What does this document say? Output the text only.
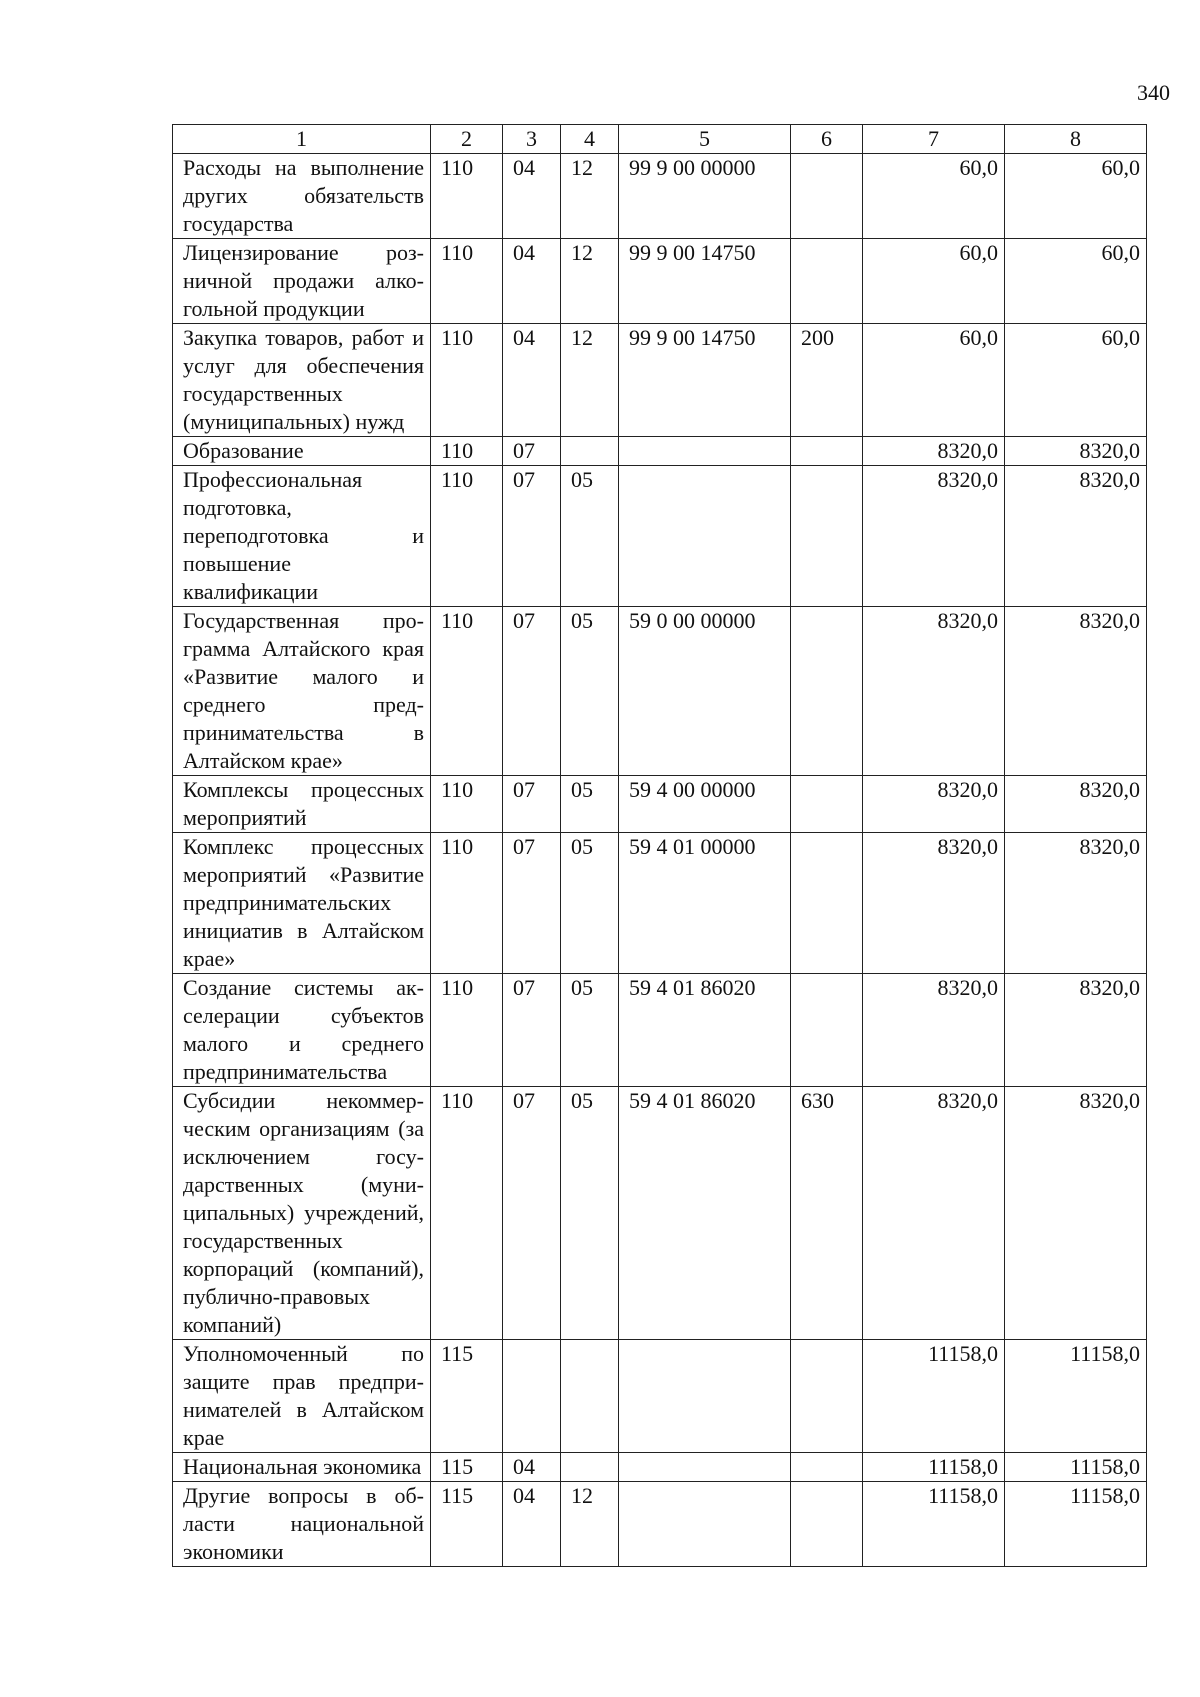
340
1	2	3	4	5	6	7	8
Расходы на выполнение других обязательств государства	110	04	12	99 9 00 00000		60,0	60,0
Лицензирование розничной продажи алкогольной продукции	110	04	12	99 9 00 14750		60,0	60,0
Закупка товаров, работ и услуг для обеспечения государственных (муниципальных) нужд	110	04	12	99 9 00 14750	200	60,0	60,0
Образование	110	07				8320,0	8320,0
Профессиональная подготовка, переподготовка и повышение квалификации	110	07	05			8320,0	8320,0
Государственная программа Алтайского края «Развитие малого и среднего предпринимательства в Алтайском крае»	110	07	05	59 0 00 00000		8320,0	8320,0
Комплексы процессных мероприятий	110	07	05	59 4 00 00000		8320,0	8320,0
Комплекс процессных мероприятий «Развитие предпринимательских инициатив в Алтайском крае»	110	07	05	59 4 01 00000		8320,0	8320,0
Создание системы акселерации субъектов малого и среднего предпринимательства	110	07	05	59 4 01 86020		8320,0	8320,0
Субсидии некоммерческим организациям (за исключением государственных (муниципальных) учреждений, государственных корпораций (компаний), публично-правовых компаний)	110	07	05	59 4 01 86020	630	8320,0	8320,0
Уполномоченный по защите прав предпринимателей в Алтайском крае	115					11158,0	11158,0
Национальная экономика	115	04				11158,0	11158,0
Другие вопросы в области национальной экономики	115	04	12			11158,0	11158,0
